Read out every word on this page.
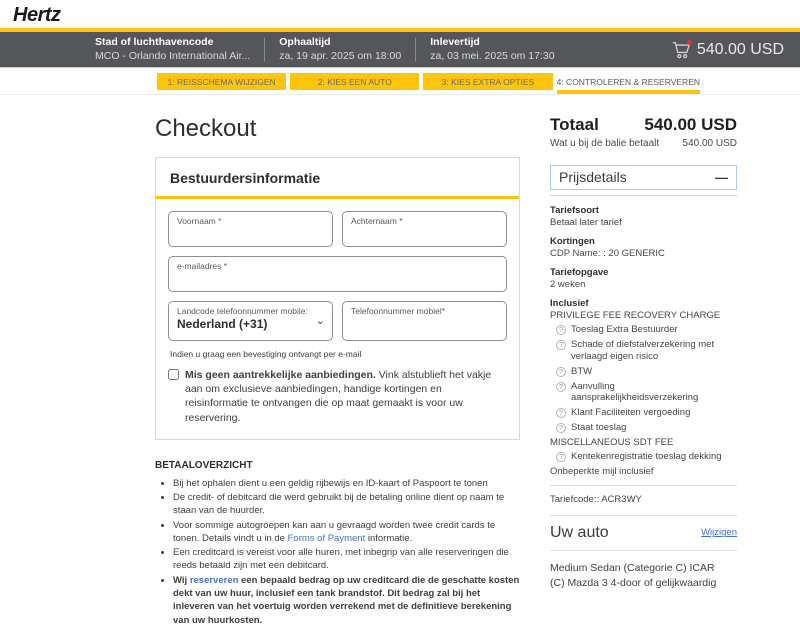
Hertz
Stad of luchthavencode
MCO - Orlando International Air...
Ophaaltijd
za, 19 apr. 2025 om 18:00
Inlevertijd
za, 03 mei. 2025 om 17:30	540.00 USD
1: REISSCHEMA WIJZIGEN	2: KIES EEN AUTO	3: KIES EXTRA OPTIES	4: CONTROLEREN & RESERVEREN
Checkout
Bestuurdersinformatie
Voornaam *	Achternaam *
e-mailadres *
Landcode telefoonnummer mobile:
Nederland (+31)	⌄
Telefoonnummer mobiel*
Indien u graag een bevestiging ontvangt per e-mail
Mis geen aantrekkelijke aanbiedingen. Vink alstublieft het vakje aan om exclusieve aanbiedingen, handige kortingen en reisinformatie te ontvangen die op maat gemaakt is voor uw reservering.
BETAALOVERZICHT
• Bij het ophalen dient u een geldig rijbewijs en ID-kaart of Paspoort te tonen
• De credit- of debitcard die werd gebruikt bij de betaling online dient op naam te staan van de huurder.
• Voor sommige autogroepen kan aan u gevraagd worden twee credit cards te tonen. Details vindt u in de Forms of Payment informatie.
• Een creditcard is vereist voor alle huren, met inbegrip van alle reserveringen die reeds betaald zijn met een debitcard.
• Wij reserveren een bepaald bedrag op uw creditcard die de geschatte kosten dekt van uw huur, inclusief een tank brandstof. Dit bedrag zal bij het inleveren van het voertuig worden verrekend met de definitieve berekening van uw huurkosten.
Totaal	540.00 USD
Wat u bij de balie betaalt 540.00 USD
Prijsdetails	—
Tariefsoort
Betaal later tarief
Kortingen
CDP Name: : 20 GENERIC
Tariefopgave
2 weken
Inclusief
PRIVILEGE FEE RECOVERY CHARGE
? Toeslag Extra Bestuurder
? Schade of diefstalverzekering met verlaagd eigen risico
? BTW
? Aanvulling aansprakelijkheidsverzekering
? Klant Faciliteiten vergoeding
? Staat toeslag
MISCELLANEOUS SDT FEE
? Kentekenregistratie toeslag dekking
Onbeperkte mijl inclusief
Tariefcode:: ACR3WY
Uw auto	Wijzigen
Medium Sedan (Categorie C) ICAR
(C) Mazda 3 4-door of gelijkwaardig
